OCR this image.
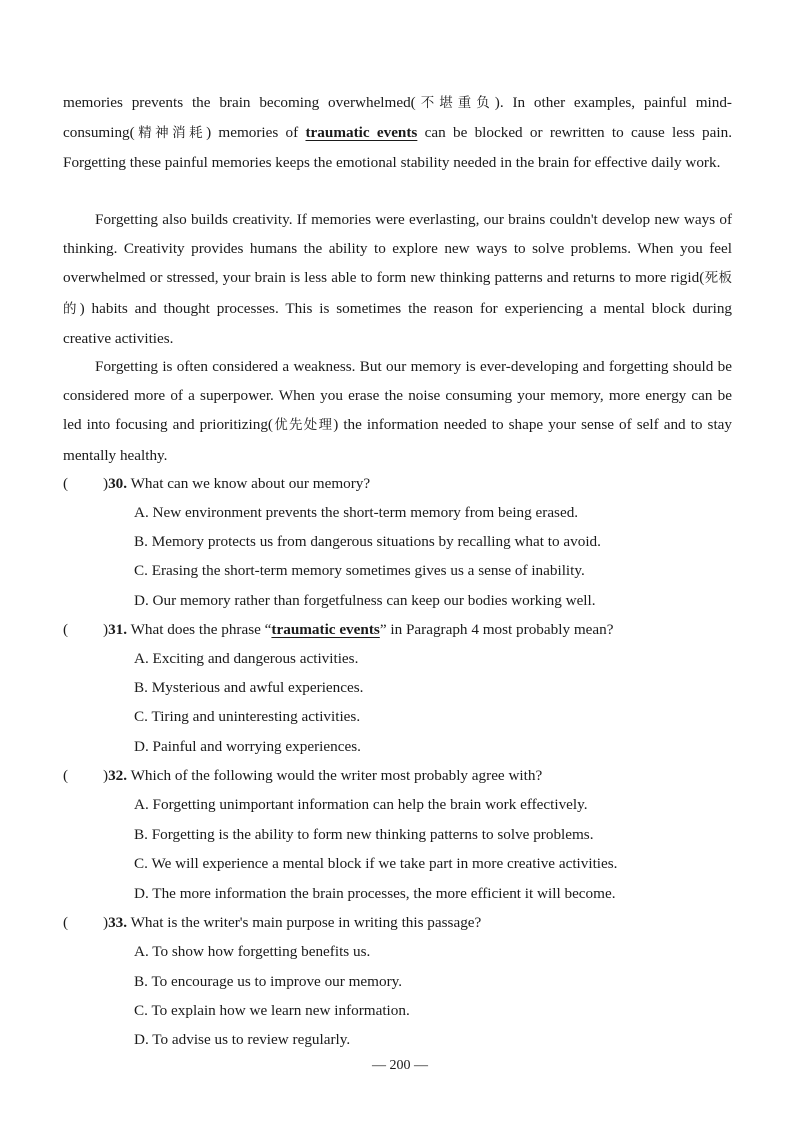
memories prevents the brain becoming overwhelmed(不堪重负). In other examples, painful mind-consuming(精神消耗) memories of traumatic events can be blocked or rewritten to cause less pain. Forgetting these painful memories keeps the emotional stability needed in the brain for effective daily work.

Forgetting also builds creativity. If memories were everlasting, our brains couldn't develop new ways of thinking. Creativity provides humans the ability to explore new ways to solve problems. When you feel overwhelmed or stressed, your brain is less able to form new thinking patterns and returns to more rigid(死板的) habits and thought processes. This is sometimes the reason for experiencing a mental block during creative activities.

Forgetting is often considered a weakness. But our memory is ever-developing and forgetting should be considered more of a superpower. When you erase the noise consuming your memory, more energy can be led into focusing and prioritizing(优先处理) the information needed to shape your sense of self and to stay mentally healthy.

( )30. What can we know about our memory?
A. New environment prevents the short-term memory from being erased.
B. Memory protects us from dangerous situations by recalling what to avoid.
C. Erasing the short-term memory sometimes gives us a sense of inability.
D. Our memory rather than forgetfulness can keep our bodies working well.
( )31. What does the phrase “traumatic events” in Paragraph 4 most probably mean?
A. Exciting and dangerous activities.
B. Mysterious and awful experiences.
C. Tiring and uninteresting activities.
D. Painful and worrying experiences.
( )32. Which of the following would the writer most probably agree with?
A. Forgetting unimportant information can help the brain work effectively.
B. Forgetting is the ability to form new thinking patterns to solve problems.
C. We will experience a mental block if we take part in more creative activities.
D. The more information the brain processes, the more efficient it will become.
( )33. What is the writer's main purpose in writing this passage?
A. To show how forgetting benefits us.
B. To encourage us to improve our memory.
C. To explain how we learn new information.
D. To advise us to review regularly.
— 200 —
